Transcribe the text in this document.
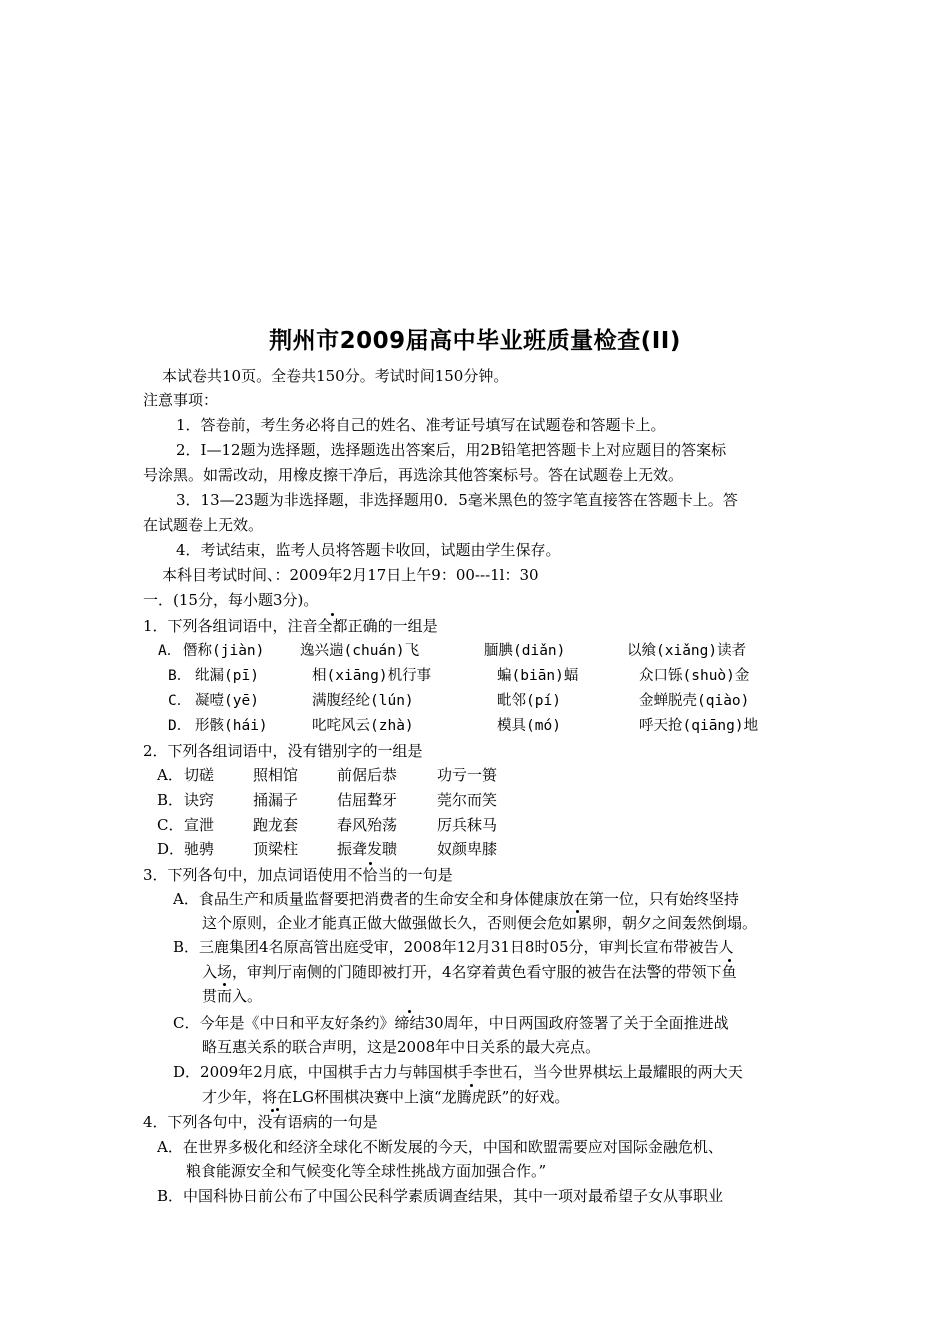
荆州市2009届高中毕业班质量检查(II)
本试卷共10页。全卷共150分。考试时间150分钟。
注意事项：
1．答卷前，考生务必将自己的姓名、准考证号填写在试题卷和答题卡上。
2．I—12题为选择题，选择题选出答案后，用2B铅笔把答题卡上对应题目的答案标
号涂黑。如需改动，用橡皮擦干净后，再选涂其他答案标号。答在试题卷上无效。
3．13—23题为非选择题，非选择题用0．5毫米黑色的签字笔直接答在答题卡上。答
在试题卷上无效。
4．考试结束，监考人员将答题卡收回，试题由学生保存。
本科目考试时间、：2009年2月17日上午9：00---1l：30
一．(15分，每小题3分)。
1．下列各组词语中，注音全都正确的一组是
A． 僭称(jiàn) 逸兴遄(chuán)飞	腼腆(diǎn)	以飨(xiǎng)读者
B． 纰漏(pī)	相(xiāng)机行事	蝙(biān)蝠	众口铄(shuò)金
C． 凝噎(yē)	满腹经纶(lún)	毗邻(pí)	金蝉脱壳(qiào)
D． 形骸(hái)	叱咤风云(zhà)	模具(mó)	呼天抢(qiāng)地
2．下列各组词语中，没有错别字的一组是
A． 切磋	照相馆	前倨后恭	功亏一篑
B． 诀窍	捅漏子	佶屈聱牙	莞尔而笑
C． 宣泄	跑龙套	春风殆荡	厉兵秣马
D． 驰骋	顶梁柱	振聋发聩	奴颜卑膝
3．下列各句中，加点词语使用不恰当的一句是
A．食品生产和质量监督要把消费者的生命安全和身体健康放在第一位，只有始终坚持
这个原则，企业才能真正做大做强做长久，否则便会危如累卵，朝夕之间轰然倒塌。
B．三鹿集团4名原高管出庭受审，2008年12月31日8时05分，审判长宣布带被告人
入场，审判厅南侧的门随即被打开，4名穿着黄色看守服的被告在法警的带领下鱼
贯而入。
C．今年是《中日和平友好条约》缔结30周年，中日两国政府签署了关于全面推进战
略互惠关系的联合声明，这是2008年中日关系的最大亮点。
D．2009年2月底，中国棋手古力与韩国棋手李世石，当今世界棋坛上最耀眼的两大天
才少年，将在LG杯围棋决赛中上演“龙腾虎跃”的好戏。
4．下列各句中，没有语病的一句是
A．在世界多极化和经济全球化不断发展的今天，中国和欧盟需要应对国际金融危机、
粮食能源安全和气候变化等全球性挑战方面加强合作。”
B．中国科协日前公布了中国公民科学素质调查结果，其中一项对最希望子女从事职业
